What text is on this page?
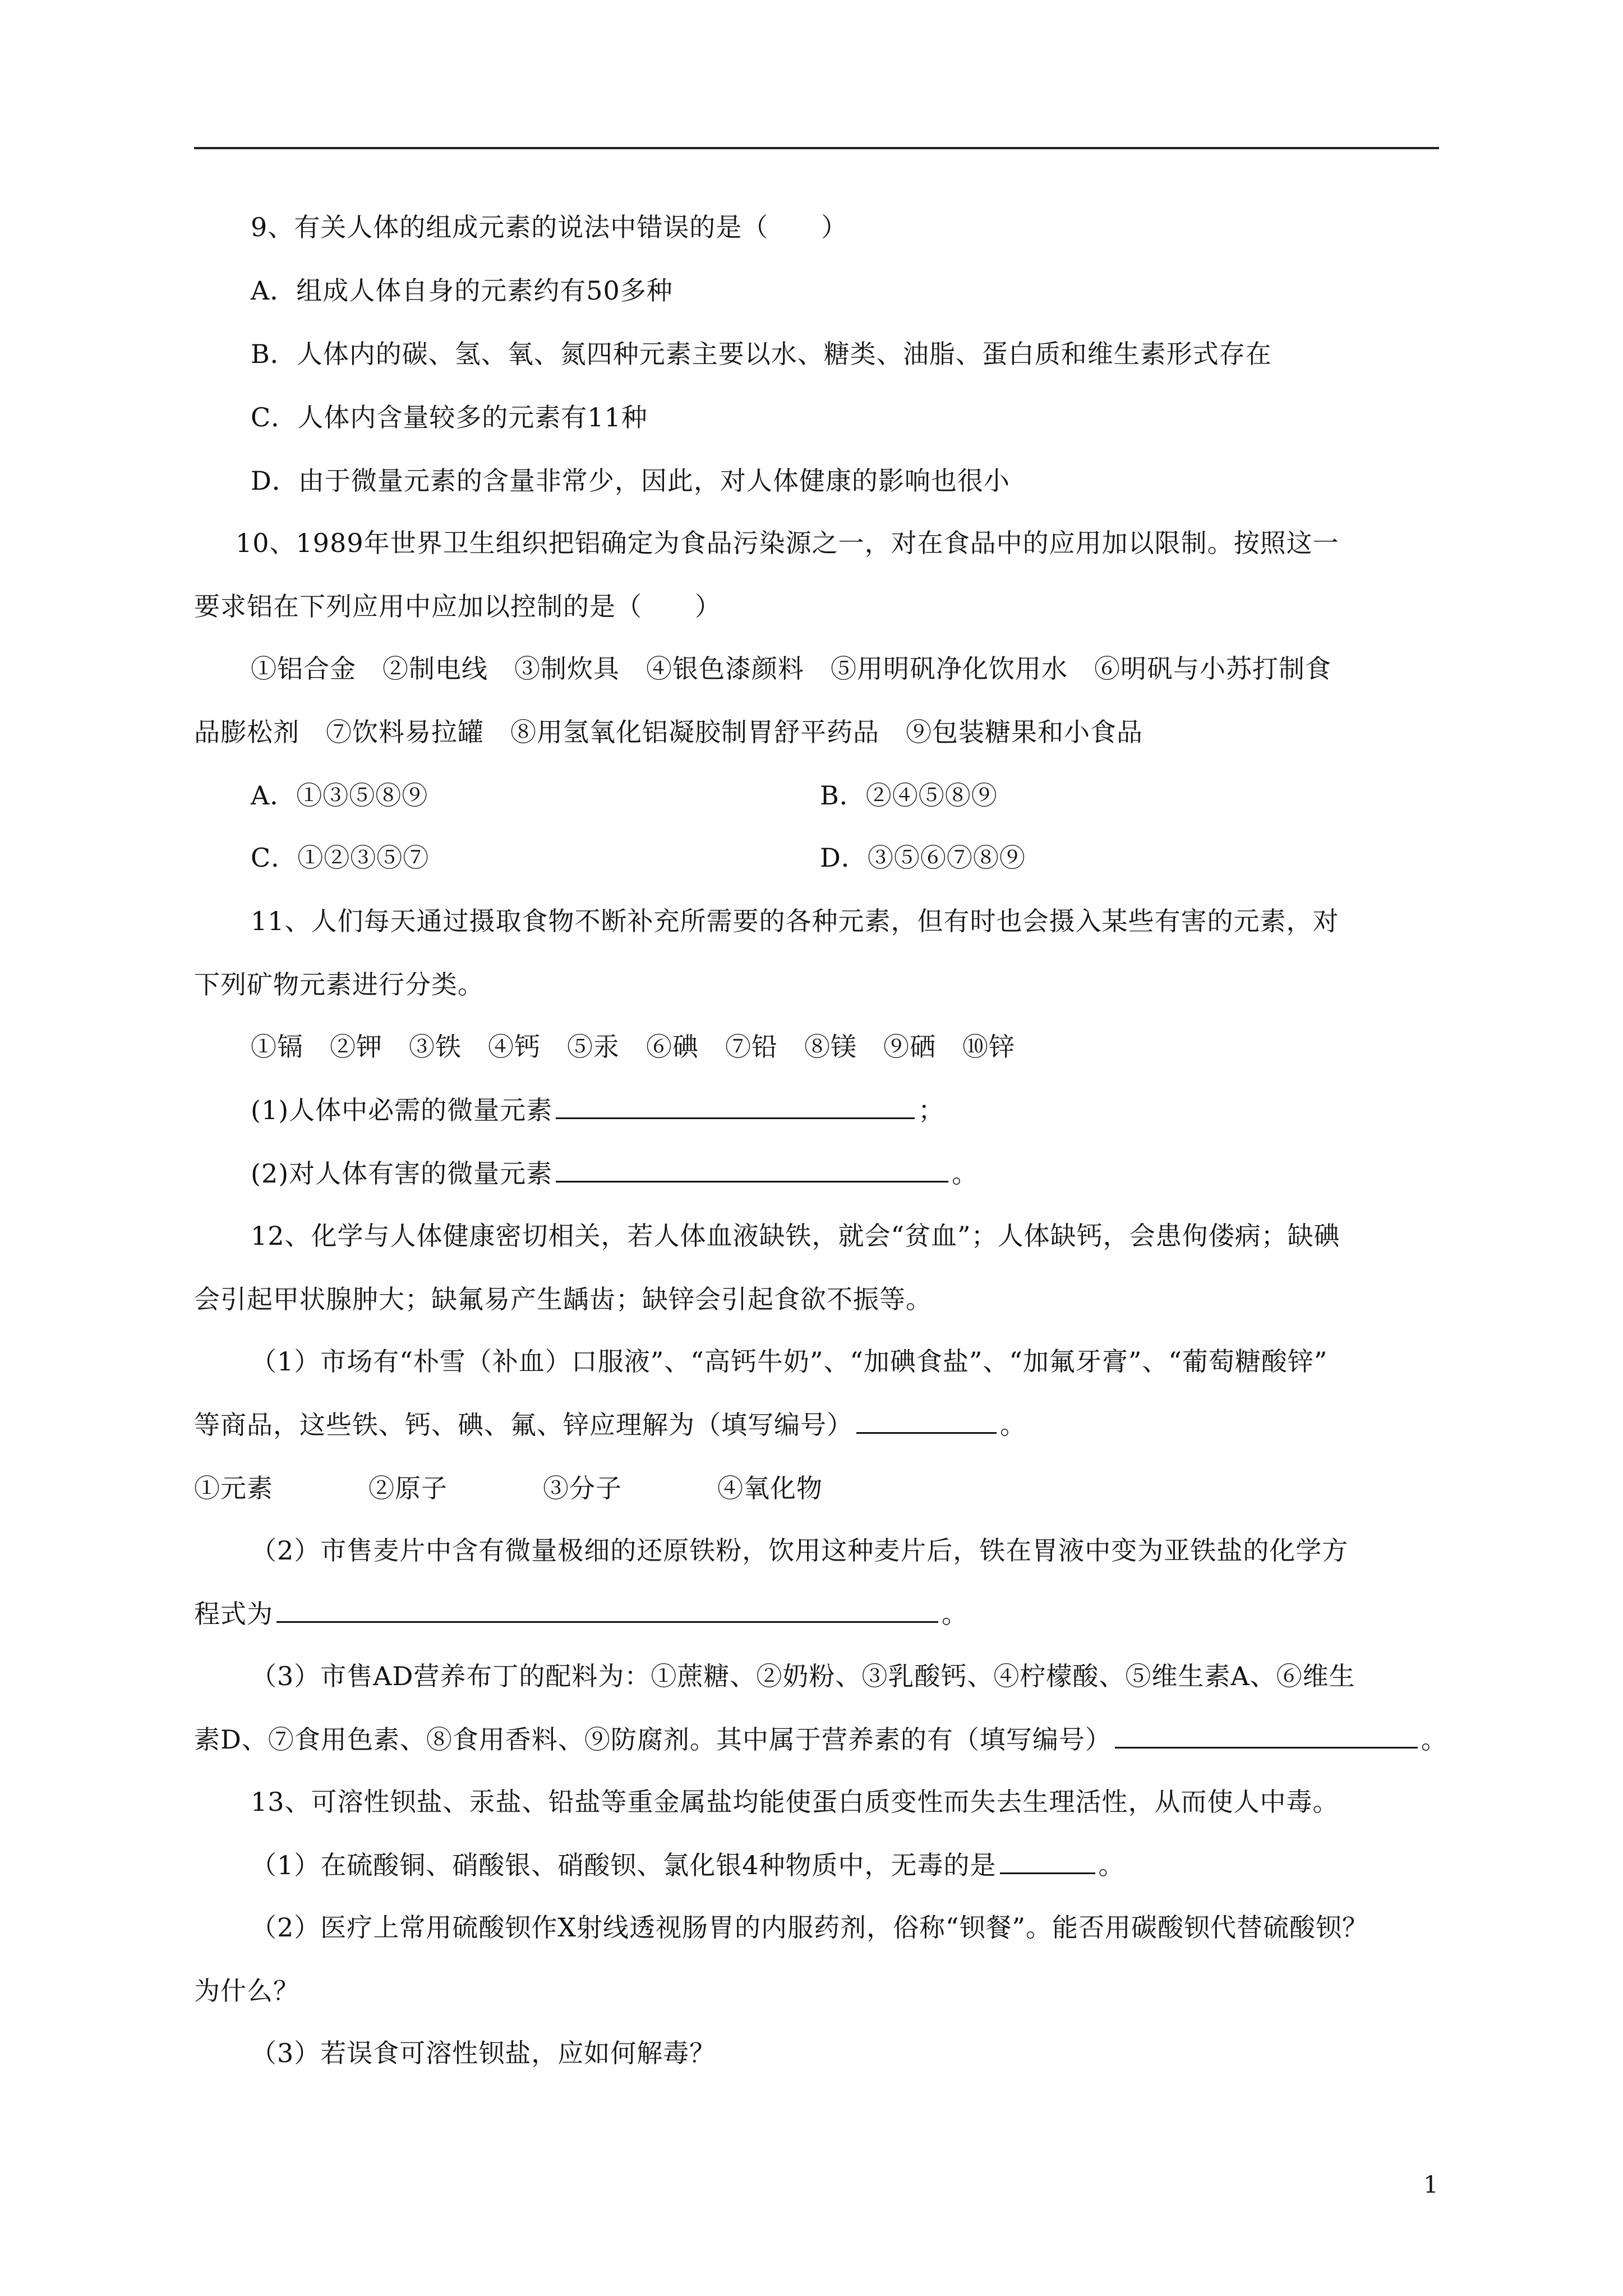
9、有关人体的组成元素的说法中错误的是（　　）
A．组成人体自身的元素约有50多种
B．人体内的碳、氢、氧、氮四种元素主要以水、糖类、油脂、蛋白质和维生素形式存在
C．人体内含量较多的元素有11种
D．由于微量元素的含量非常少，因此，对人体健康的影响也很小
10、1989年世界卫生组织把铝确定为食品污染源之一，对在食品中的应用加以限制。按照这一
要求铝在下列应用中应加以控制的是（　　）
①铝合金　②制电线　③制炊具　④银色漆颜料　⑤用明矾净化饮用水　⑥明矾与小苏打制食
品膨松剂　⑦饮料易拉罐　⑧用氢氧化铝凝胶制胃舒平药品　⑨包装糖果和小食品
A．①③⑤⑧⑨	B．②④⑤⑧⑨
C．①②③⑤⑦	D．③⑤⑥⑦⑧⑨
11、人们每天通过摄取食物不断补充所需要的各种元素，但有时也会摄入某些有害的元素，对
下列矿物元素进行分类。
①镉　②钾　③铁　④钙　⑤汞　⑥碘　⑦铅　⑧镁　⑨硒　⑩锌
(1)人体中必需的微量元素	；
(2)对人体有害的微量元素	。
12、化学与人体健康密切相关，若人体血液缺铁，就会“贫血”；人体缺钙，会患佝偻病；缺碘
会引起甲状腺肿大；缺氟易产生龋齿；缺锌会引起食欲不振等。
（1）市场有“朴雪（补血）口服液”、“高钙牛奶”、“加碘食盐”、“加氟牙膏”、“葡萄糖酸锌”
等商品，这些铁、钙、碘、氟、锌应理解为（填写编号）	。
①元素	②原子	③分子	④氧化物
（2）市售麦片中含有微量极细的还原铁粉，饮用这种麦片后，铁在胃液中变为亚铁盐的化学方
程式为	。
（3）市售AD营养布丁的配料为：①蔗糖、②奶粉、③乳酸钙、④柠檬酸、⑤维生素A、⑥维生
素D、⑦食用色素、⑧食用香料、⑨防腐剂。其中属于营养素的有（填写编号）	。
13、可溶性钡盐、汞盐、铅盐等重金属盐均能使蛋白质变性而失去生理活性，从而使人中毒。
（1）在硫酸铜、硝酸银、硝酸钡、氯化银4种物质中，无毒的是	。
（2）医疗上常用硫酸钡作X射线透视肠胃的内服药剂，俗称“钡餐”。能否用碳酸钡代替硫酸钡？
为什么？
（3）若误食可溶性钡盐，应如何解毒？
1
